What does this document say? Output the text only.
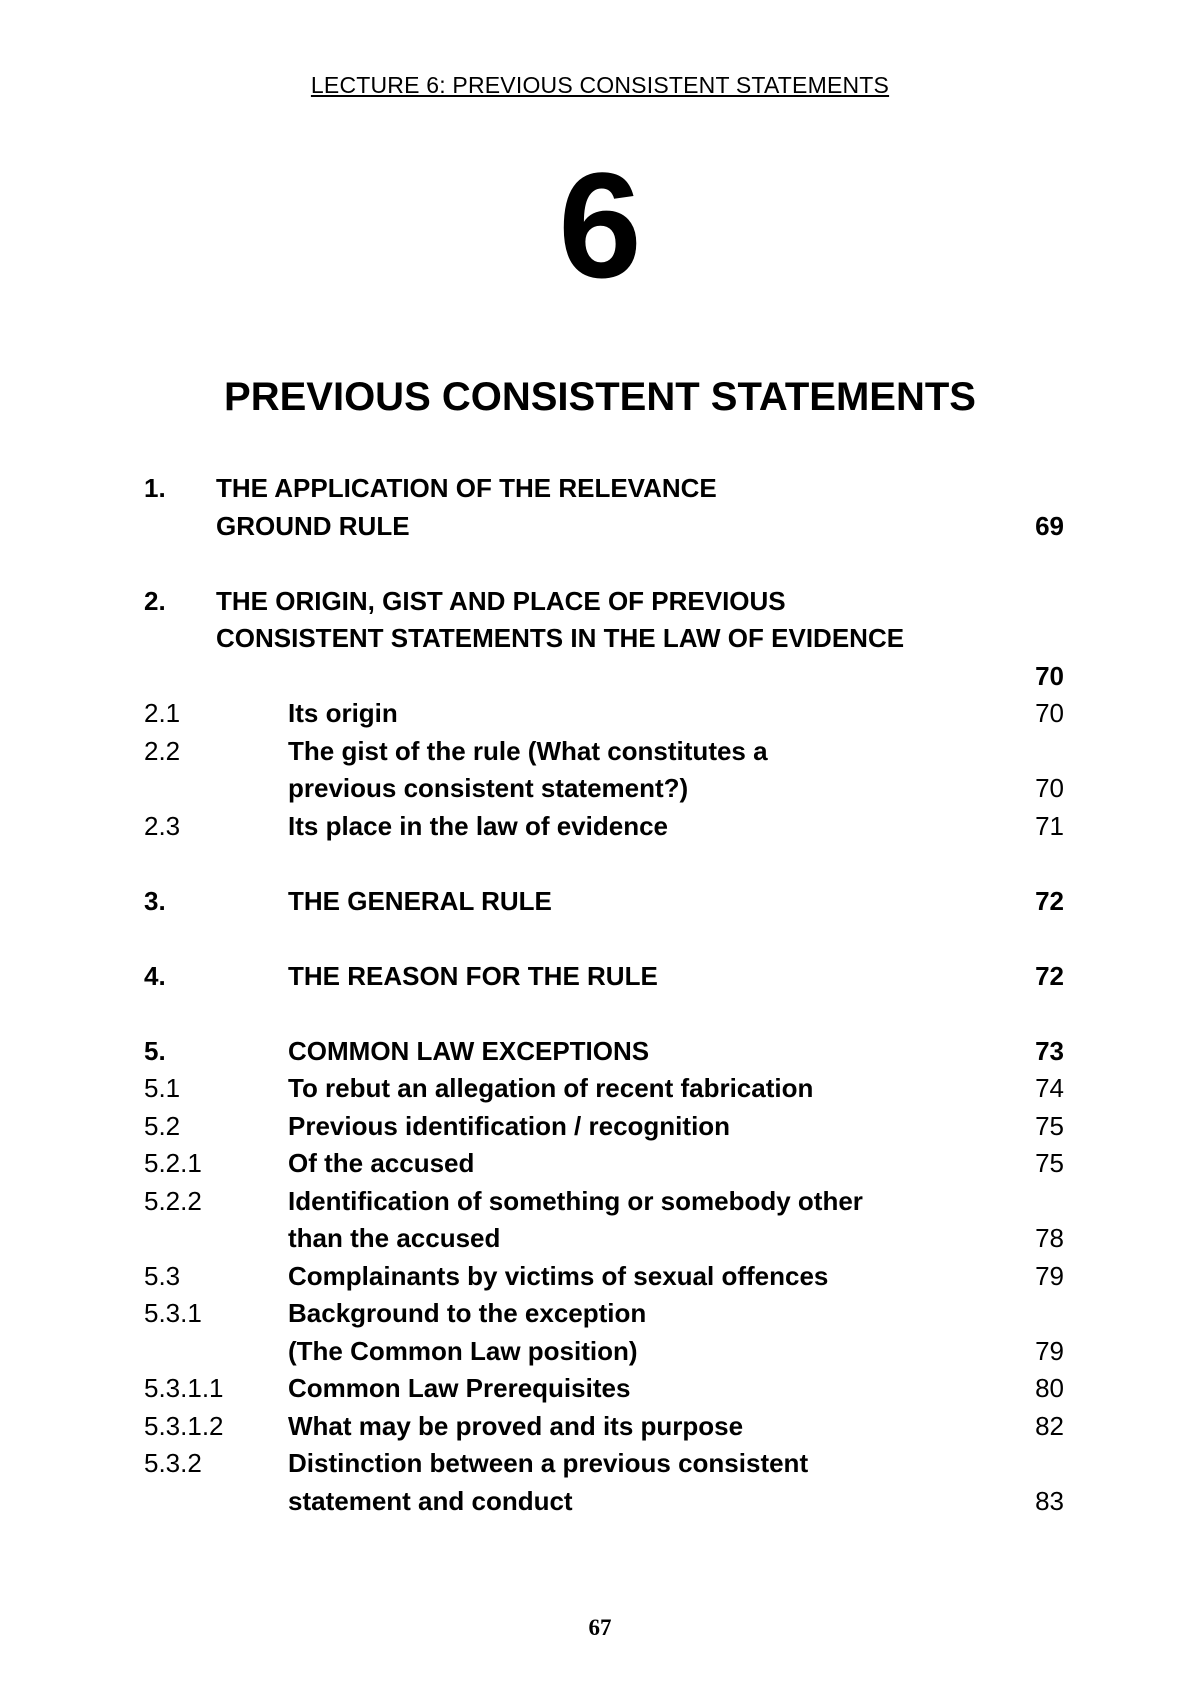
LECTURE 6: PREVIOUS CONSISTENT STATEMENTS
6
PREVIOUS CONSISTENT STATEMENTS
1. THE APPLICATION OF THE RELEVANCE
GROUND RULE	69
2. THE ORIGIN, GIST AND PLACE OF PREVIOUS
CONSISTENT STATEMENTS IN THE LAW OF EVIDENCE
70
2.1	Its origin	70
2.2	The gist of the rule (What constitutes a
previous consistent statement?)	70
2.3	Its place in the law of evidence	71
3.	THE GENERAL RULE	72
4.	THE REASON FOR THE RULE	72
5.	COMMON LAW EXCEPTIONS	73
5.1	To rebut an allegation of recent fabrication	74
5.2	Previous identification / recognition	75
5.2.1	Of the accused	75
5.2.2	Identification of something or somebody other
than the accused	78
5.3	Complainants by victims of sexual offences	79
5.3.1	Background to the exception
(The Common Law position)	79
5.3.1.1 Common Law Prerequisites	80
5.3.1.2 What may be proved and its purpose	82
5.3.2	Distinction between a previous consistent
statement and conduct	83
67
